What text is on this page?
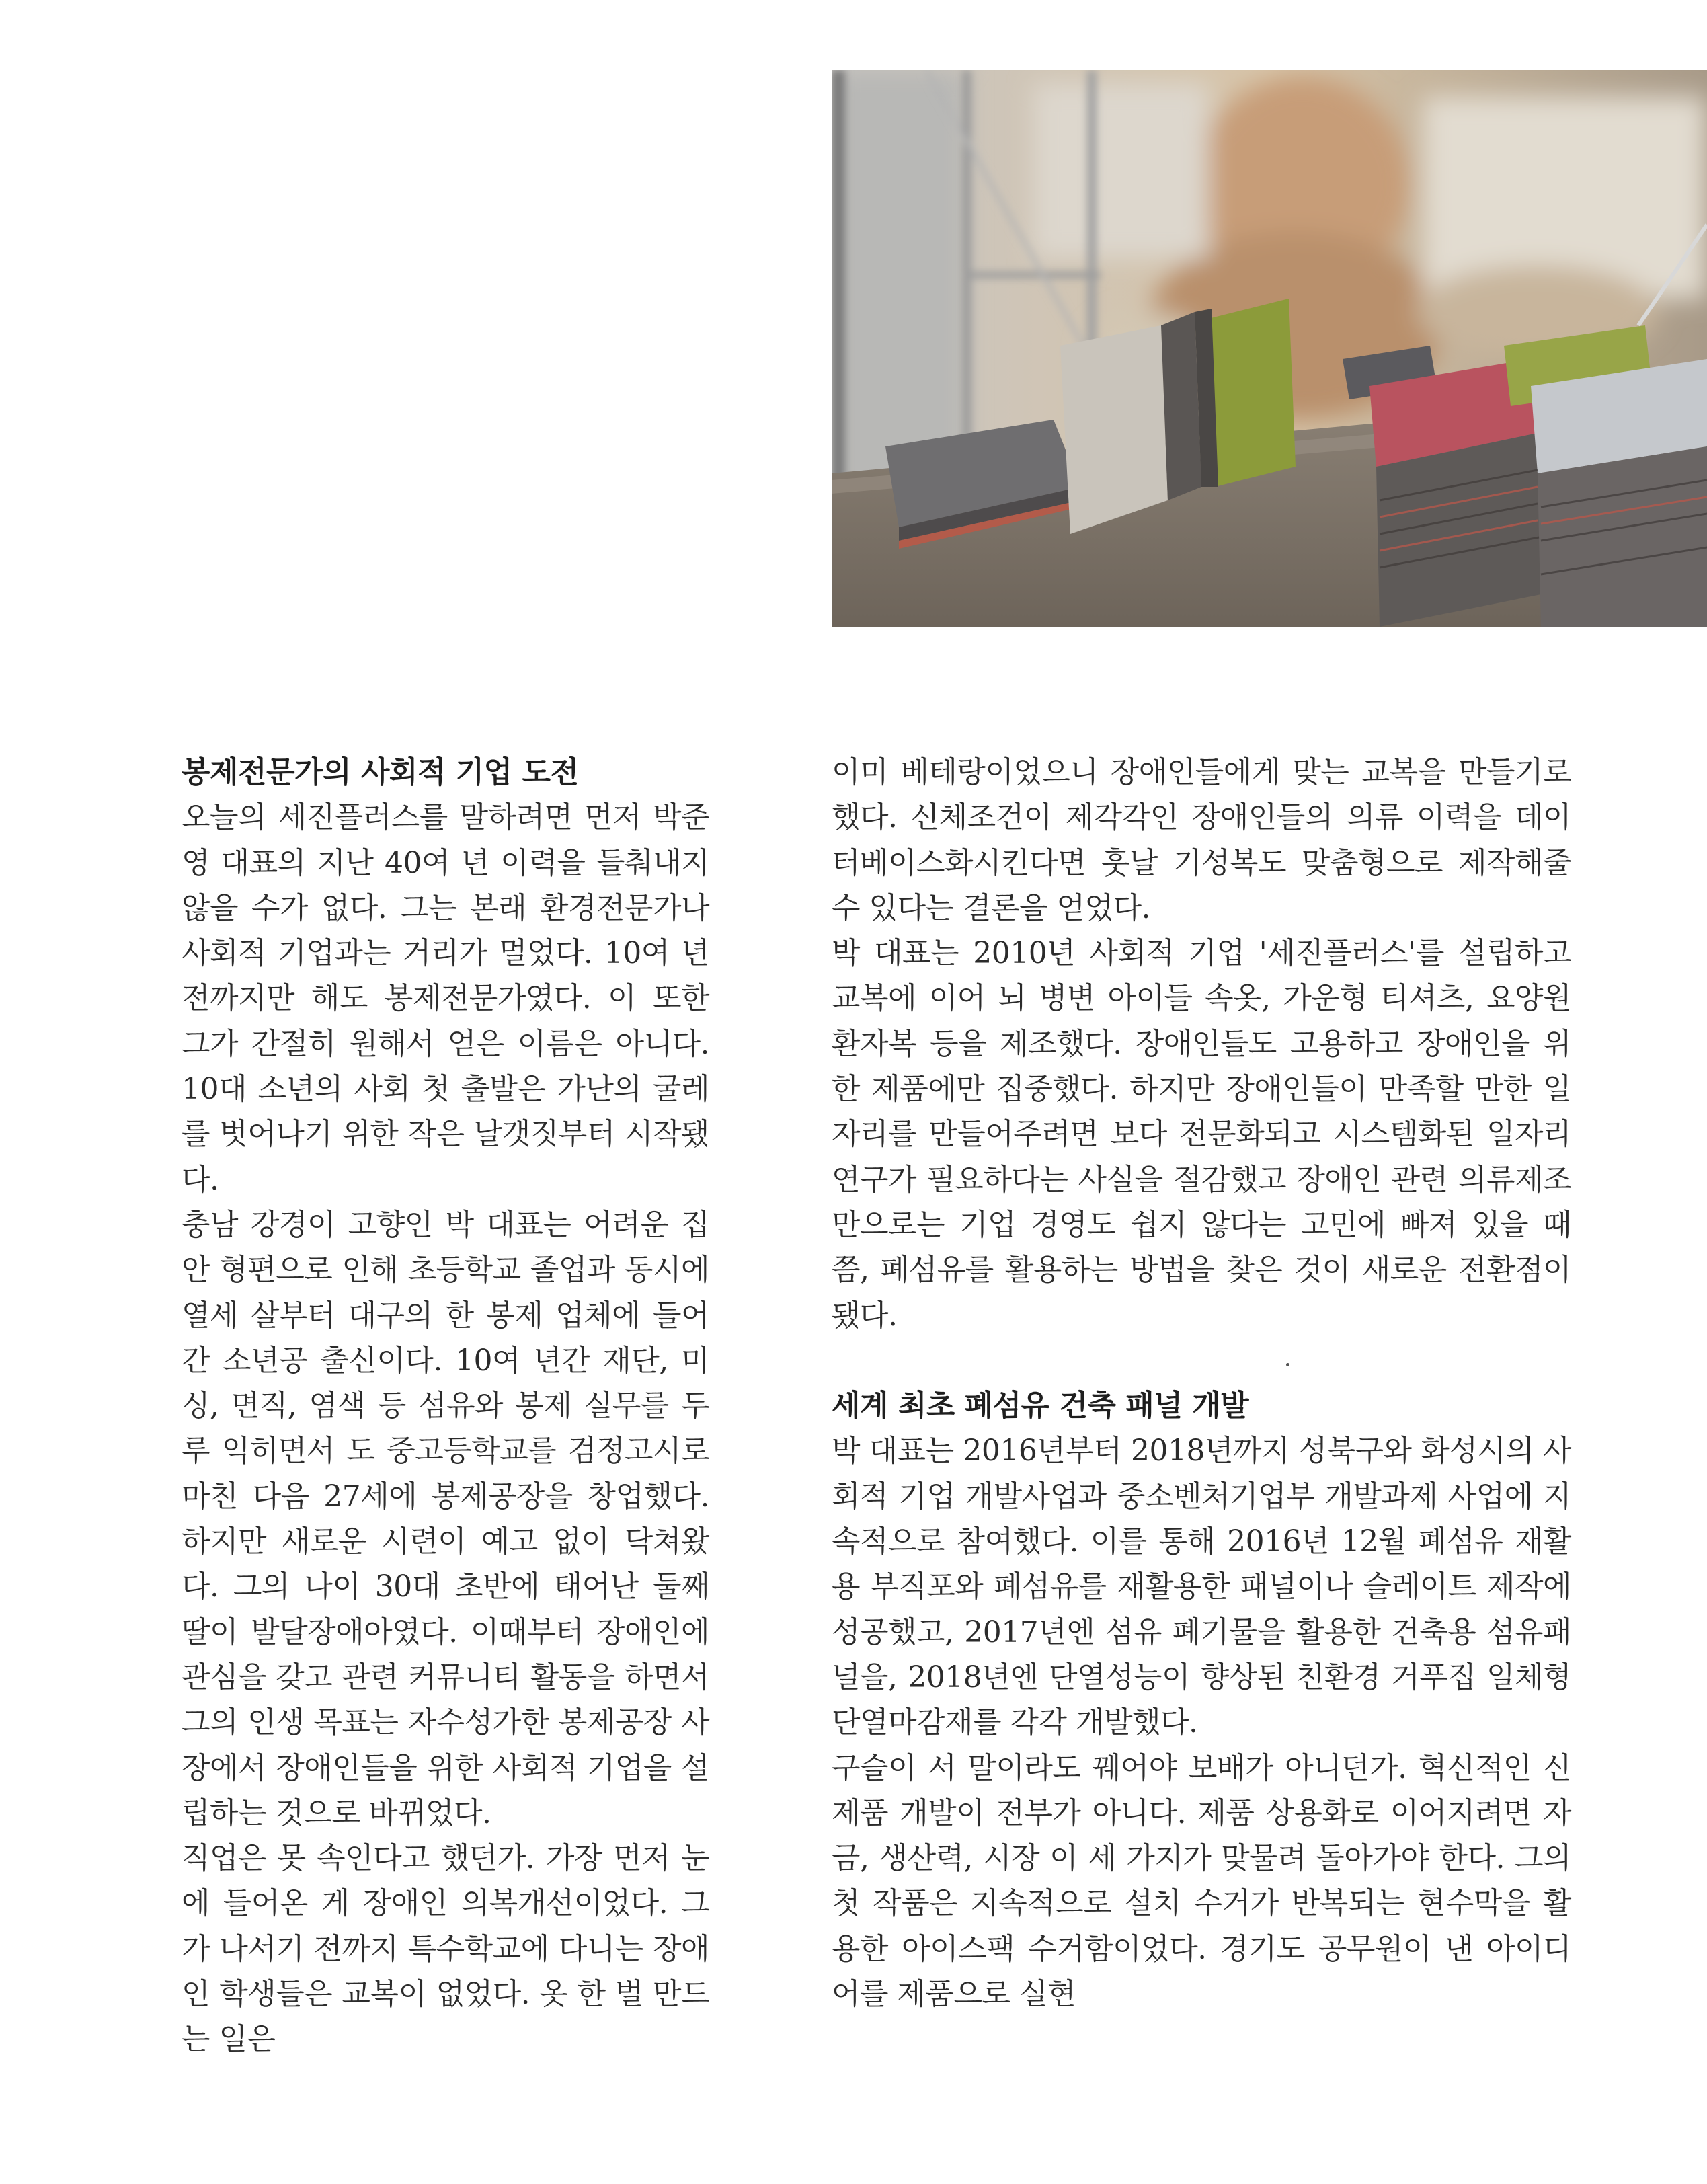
봉제전문가의 사회적 기업 도전

오늘의 세진플러스를 말하려면 먼저 박준영 대표의 지난 40여 년 이력을 들춰내지 않을 수가 없다. 그는 본래 환경전문가나 사회적 기업과는 거리가 멀었다. 10여 년 전까지만 해도 봉제전문가였다. 이 또한 그가 간절히 원해서 얻은 이름은 아니다. 10대 소년의 사회 첫 출발은 가난의 굴레를 벗어나기 위한 작은 날갯짓부터 시작됐다.

충남 강경이 고향인 박 대표는 어려운 집안 형편으로 인해 초등학교 졸업과 동시에 열세 살부터 대구의 한 봉제 업체에 들어간 소년공 출신이다. 10여 년간 재단, 미싱, 면직, 염색 등 섬유와 봉제 실무를 두루 익히면서 도 중고등학교를 검정고시로 마친 다음 27세에 봉제공장을 창업했다. 하지만 새로운 시련이 예고 없이 닥쳐왔다. 그의 나이 30대 초반에 태어난 둘째 딸이 발달장애아였다. 이때부터 장애인에 관심을 갖고 관련 커뮤니티 활동을 하면서 그의 인생 목표는 자수성가한 봉제공장 사장에서 장애인들을 위한 사회적 기업을 설립하는 것으로 바뀌었다.

직업은 못 속인다고 했던가. 가장 먼저 눈에 들어온 게 장애인 의복개선이었다. 그가 나서기 전까지 특수학교에 다니는 장애인 학생들은 교복이 없었다. 옷 한 벌 만드는 일은

이미 베테랑이었으니 장애인들에게 맞는 교복을 만들기로 했다. 신체조건이 제각각인 장애인들의 의류 이력을 데이터베이스화시킨다면 훗날 기성복도 맞춤형으로 제작해줄 수 있다는 결론을 얻었다.

박 대표는 2010년 사회적 기업 '세진플러스'를 설립하고 교복에 이어 뇌 병변 아이들 속옷, 가운형 티셔츠, 요양원 환자복 등을 제조했다. 장애인들도 고용하고 장애인을 위한 제품에만 집중했다. 하지만 장애인들이 만족할 만한 일자리를 만들어주려면 보다 전문화되고 시스템화된 일자리 연구가 필요하다는 사실을 절감했고 장애인 관련 의류제조만으로는 기업 경영도 쉽지 않다는 고민에 빠져 있을 때 쯤, 폐섬유를 활용하는 방법을 찾은 것이 새로운 전환점이 됐다.

세계 최초 폐섬유 건축 패널 개발

박 대표는 2016년부터 2018년까지 성북구와 화성시의 사회적 기업 개발사업과 중소벤처기업부 개발과제 사업에 지속적으로 참여했다. 이를 통해 2016년 12월 폐섬유 재활용 부직포와 폐섬유를 재활용한 패널이나 슬레이트 제작에 성공했고, 2017년엔 섬유 폐기물을 활용한 건축용 섬유패널을, 2018년엔 단열성능이 향상된 친환경 거푸집 일체형 단열마감재를 각각 개발했다.

구슬이 서 말이라도 꿰어야 보배가 아니던가. 혁신적인 신제품 개발이 전부가 아니다. 제품 상용화로 이어지려면 자금, 생산력, 시장 이 세 가지가 맞물려 돌아가야 한다. 그의 첫 작품은 지속적으로 설치 수거가 반복되는 현수막을 활용한 아이스팩 수거함이었다. 경기도 공무원이 낸 아이디어를 제품으로 실현
